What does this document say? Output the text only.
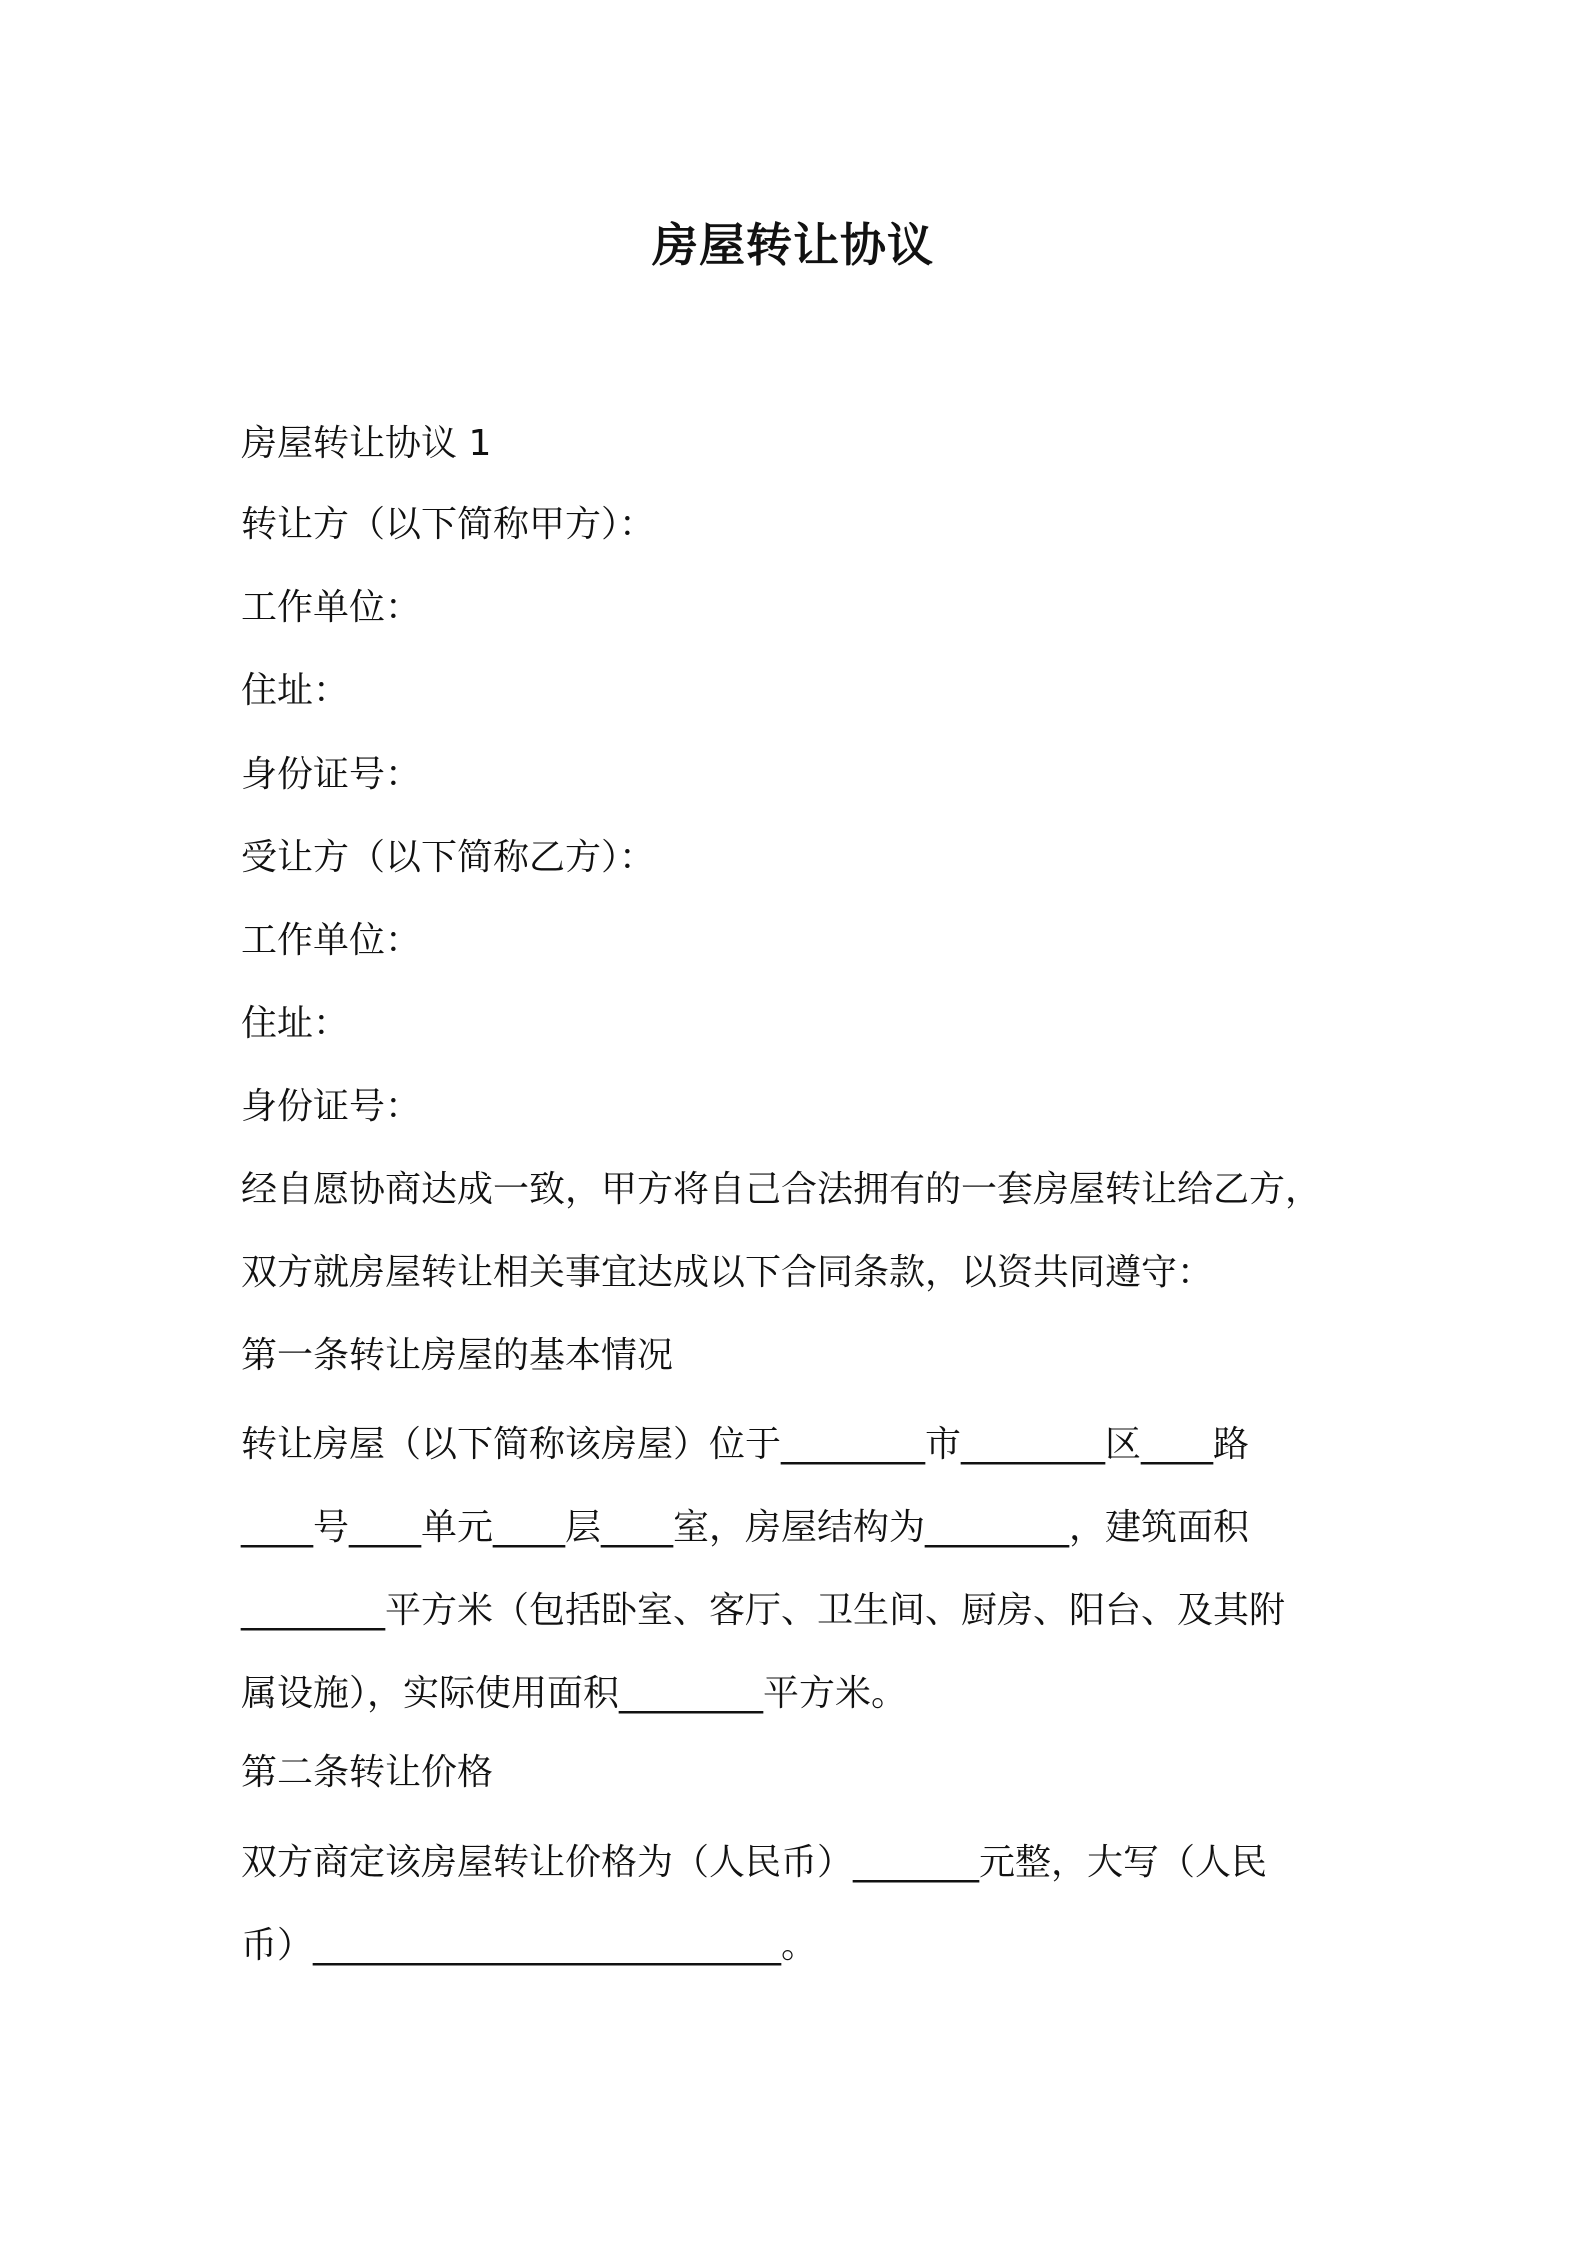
房屋转让协议

房屋转让协议 1

转让方（以下简称甲方）：

工作单位：

住址：

身份证号：

受让方（以下简称乙方）：

工作单位：

住址：

身份证号：

经自愿协商达成一致，甲方将自己合法拥有的一套房屋转让给乙方，

双方就房屋转让相关事宜达成以下合同条款，以资共同遵守：

第一条转让房屋的基本情况

转让房屋（以下简称该房屋）位于________市________区____路

____号____单元____层____室，房屋结构为________，建筑面积

________平方米（包括卧室、客厅、卫生间、厨房、阳台、及其附

属设施），实际使用面积________平方米。

第二条转让价格

双方商定该房屋转让价格为（人民币）_______元整，大写（人民

币）__________________________。
